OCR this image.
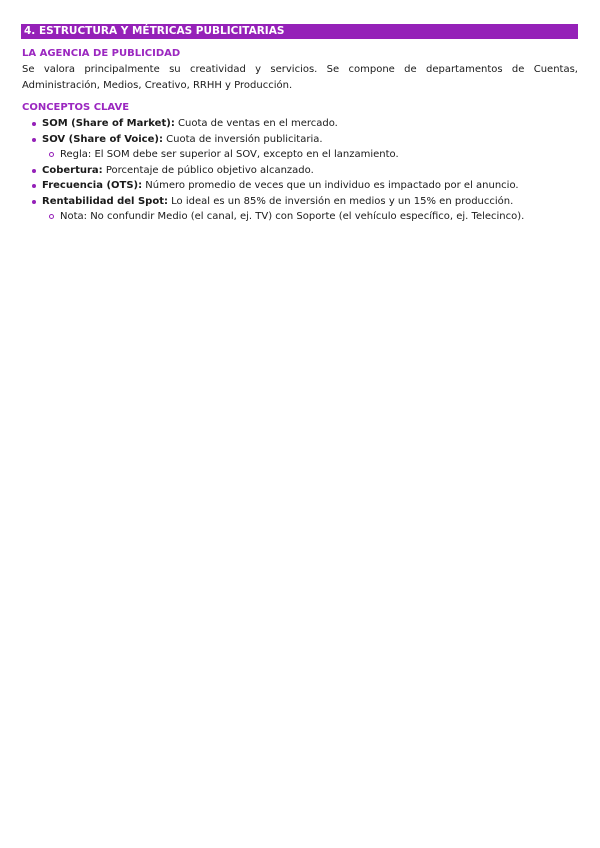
4. ESTRUCTURA Y MÉTRICAS PUBLICITARIAS
LA AGENCIA DE PUBLICIDAD

Se valora principalmente su creatividad y servicios. Se compone de departamentos de Cuentas, Administración, Medios, Creativo, RRHH y Producción.

CONCEPTOS CLAVE
SOM (Share of Market): Cuota de ventas en el mercado.
SOV (Share of Voice): Cuota de inversión publicitaria.
Regla: El SOM debe ser superior al SOV, excepto en el lanzamiento.
Cobertura: Porcentaje de público objetivo alcanzado.
Frecuencia (OTS): Número promedio de veces que un individuo es impactado por el anuncio.
Rentabilidad del Spot: Lo ideal es un 85% de inversión en medios y un 15% en producción.
Nota: No confundir Medio (el canal, ej. TV) con Soporte (el vehículo específico, ej. Telecinco).
